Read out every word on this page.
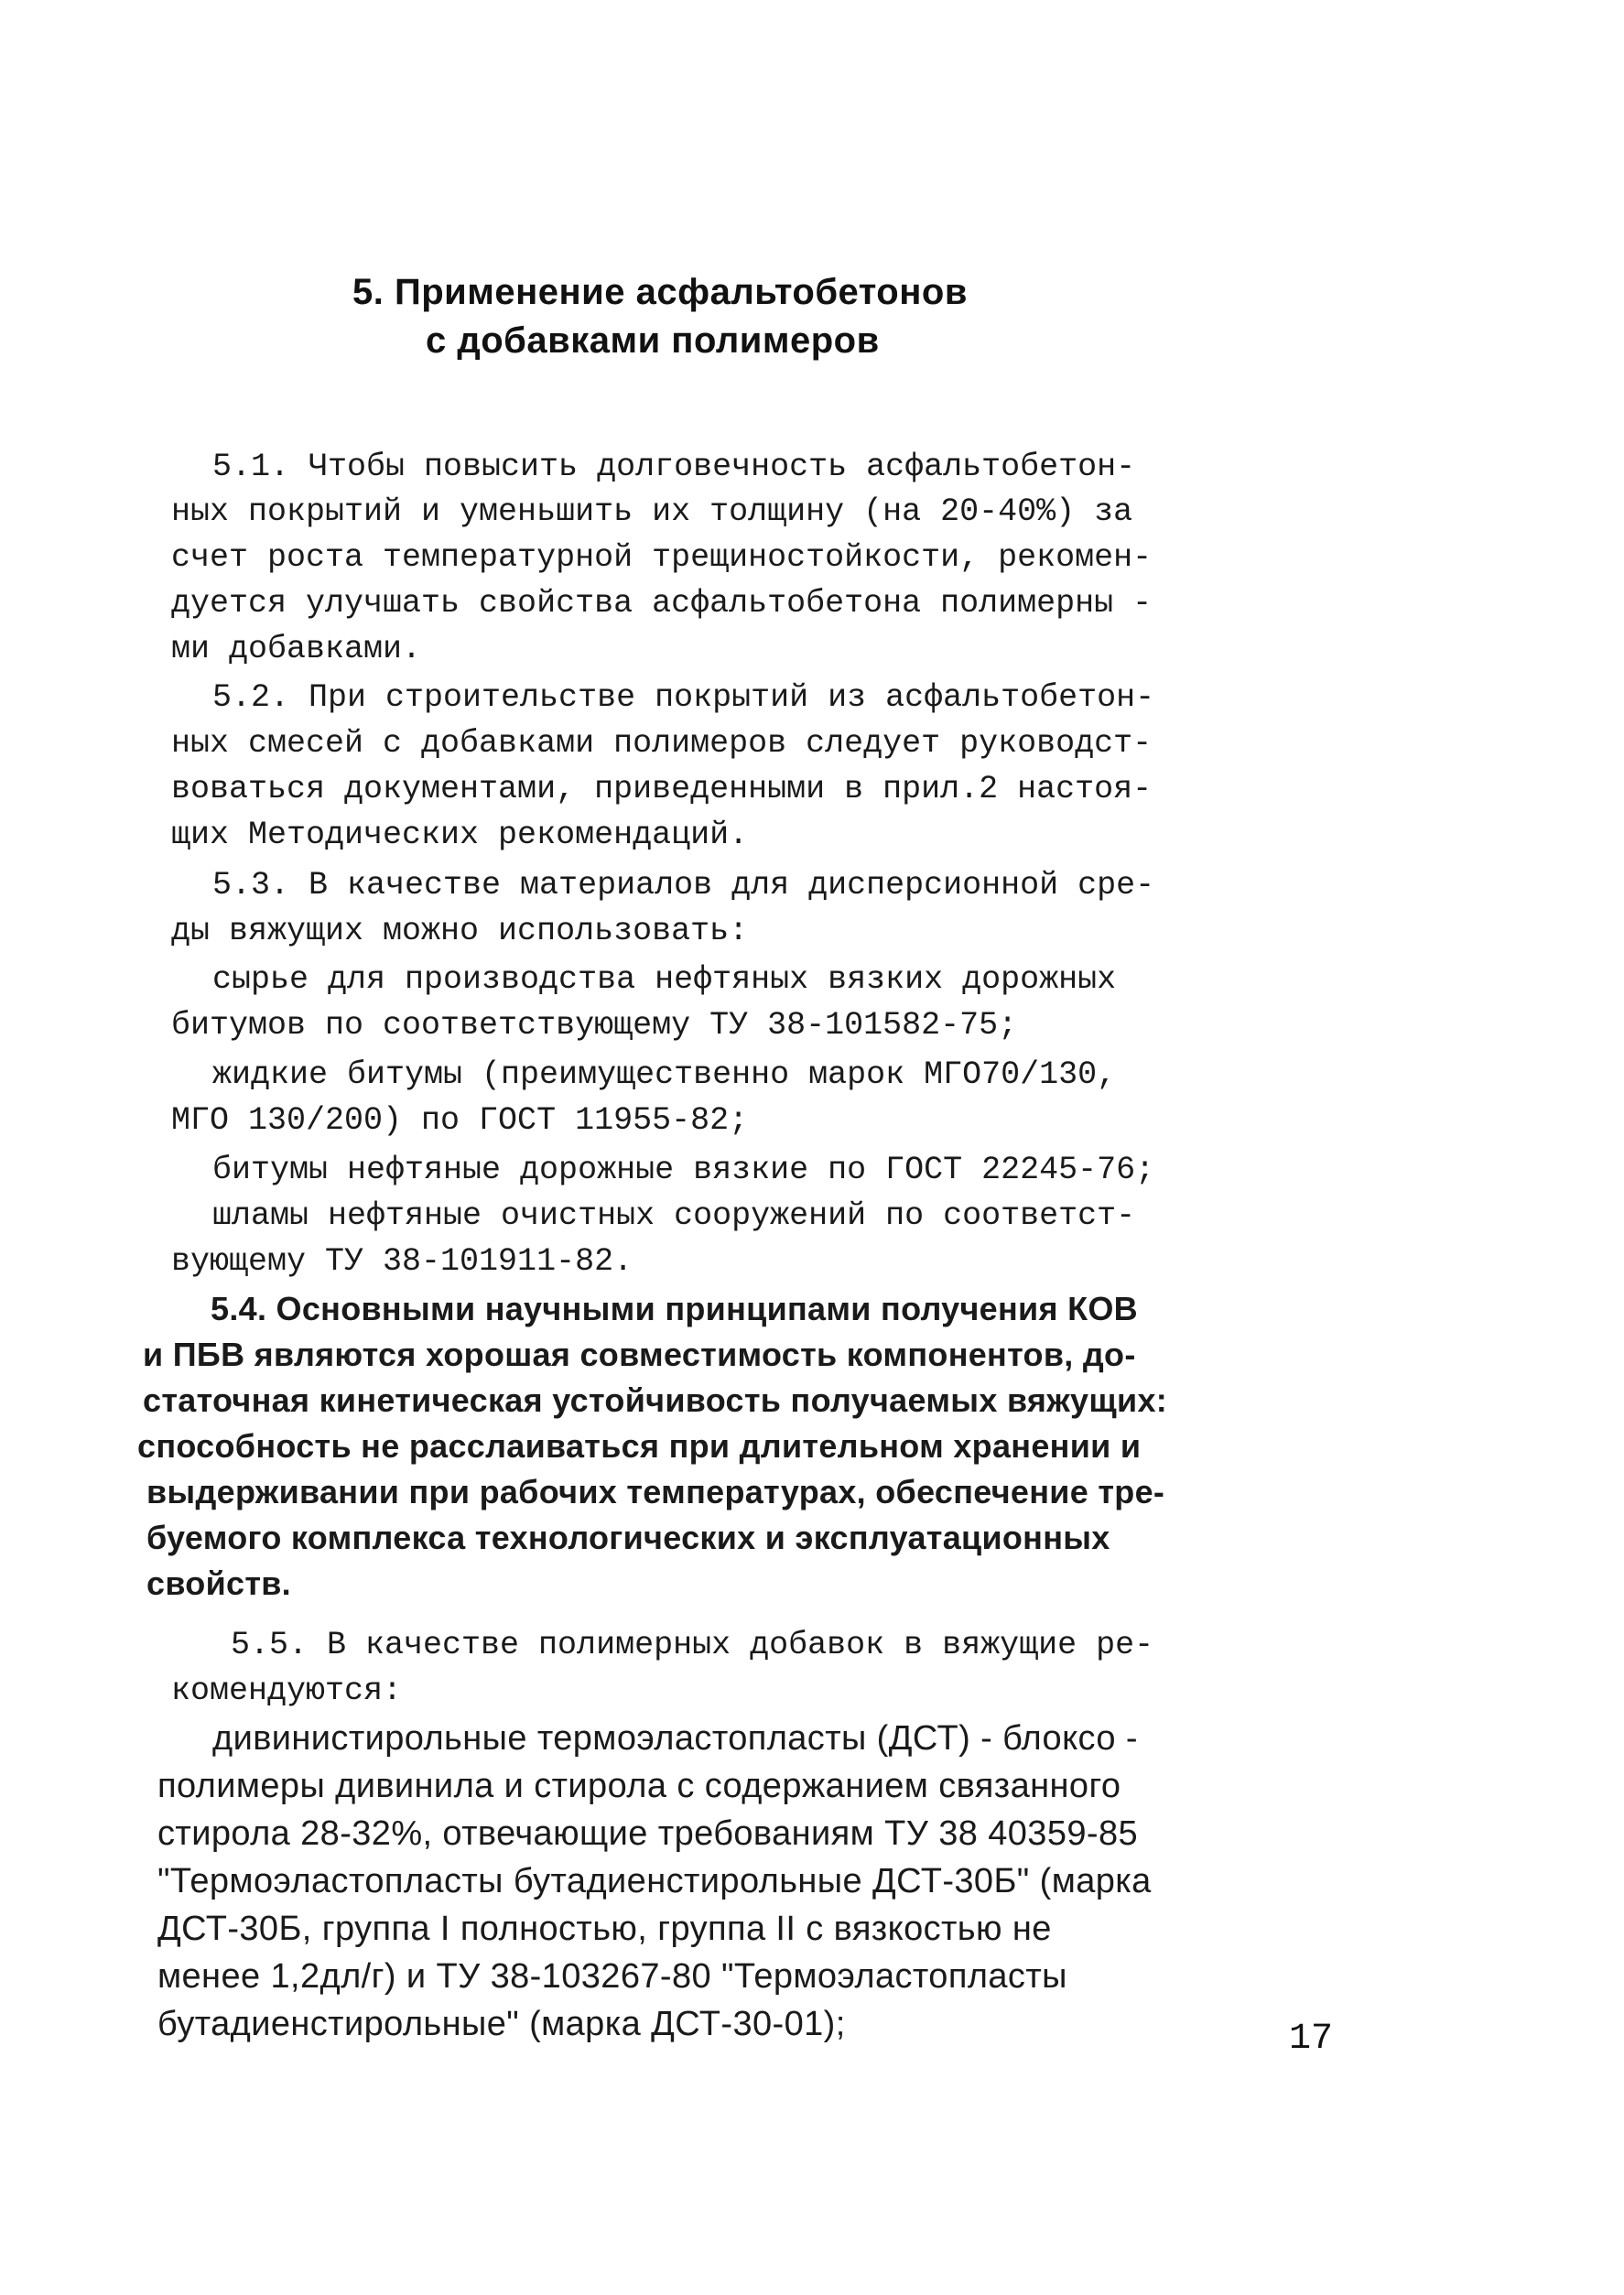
5. Применение асфальтобетонов
с добавками полимеров
5.1. Чтобы повысить долговечность асфальтобетон-
ных покрытий и уменьшить их толщину (на 20-40%) за
счет роста температурной трещиностойкости, рекомен-
дуется улучшать свойства асфальтобетона полимерны -
ми добавками.
5.2. При строительстве покрытий из асфальтобетон-
ных смесей с добавками полимеров следует руководст-
воваться документами, приведенными в прил.2 настоя-
щих Методических рекомендаций.
5.3. В качестве материалов для дисперсионной сре-
ды вяжущих можно использовать:
сырье для производства нефтяных вязких дорожных
битумов по соответствующему ТУ 38-101582-75;
жидкие битумы (преимущественно марок МГО70/130,
МГО 130/200) по ГОСТ 11955-82;
битумы нефтяные дорожные вязкие по ГОСТ 22245-76;
шламы нефтяные очистных сооружений по соответст-
вующему ТУ 38-101911-82.
5.4. Основными научными принципами получения КОВ
и ПБВ являются хорошая совместимость компонентов, до-
статочная кинетическая устойчивость получаемых вяжущих:
способность не расслаиваться при длительном хранении и
выдерживании при рабочих температурах, обеспечение тре-
буемого комплекса технологических и эксплуатационных
свойств.
5.5. В качестве полимерных добавок в вяжущие ре-
комендуются:
дивинистирольные термоэластопласты (ДСТ) - блоксо -
полимеры дивинила и стирола с содержанием связанного
стирола 28-32%, отвечающие требованиям ТУ 38 40359-85
"Термоэластопласты бутадиенстирольные ДСТ-30Б" (марка
ДСТ-30Б, группа I полностью, группа II с вязкостью не
менее 1,2дл/г) и ТУ 38-103267-80 "Термоэластопласты
бутадиенстирольные" (марка ДСТ-30-01);	17
